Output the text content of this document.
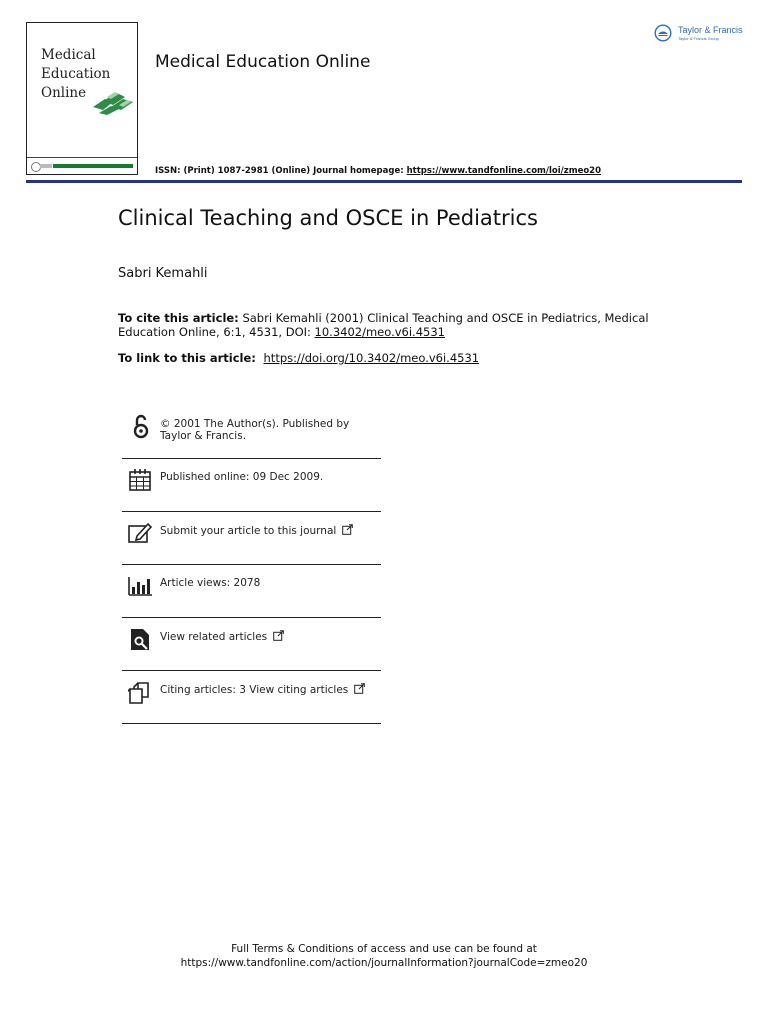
Medical
Education
Online
Medical Education Online
ISSN: (Print) 1087-2981 (Online) Journal homepage: https://www.tandfonline.com/loi/zmeo20
Taylor & Francis
Taylor & Francis Group
Clinical Teaching and OSCE in Pediatrics
Sabri Kemahli
To cite this article: Sabri Kemahli (2001) Clinical Teaching and OSCE in Pediatrics, Medical Education Online, 6:1, 4531, DOI: 10.3402/meo.v6i.4531
To link to this article: https://doi.org/10.3402/meo.v6i.4531
© 2001 The Author(s). Published by Taylor & Francis.
Published online: 09 Dec 2009.
Submit your article to this journal
Article views: 2078
View related articles
Citing articles: 3 View citing articles
Full Terms & Conditions of access and use can be found at
https://www.tandfonline.com/action/journalInformation?journalCode=zmeo20
